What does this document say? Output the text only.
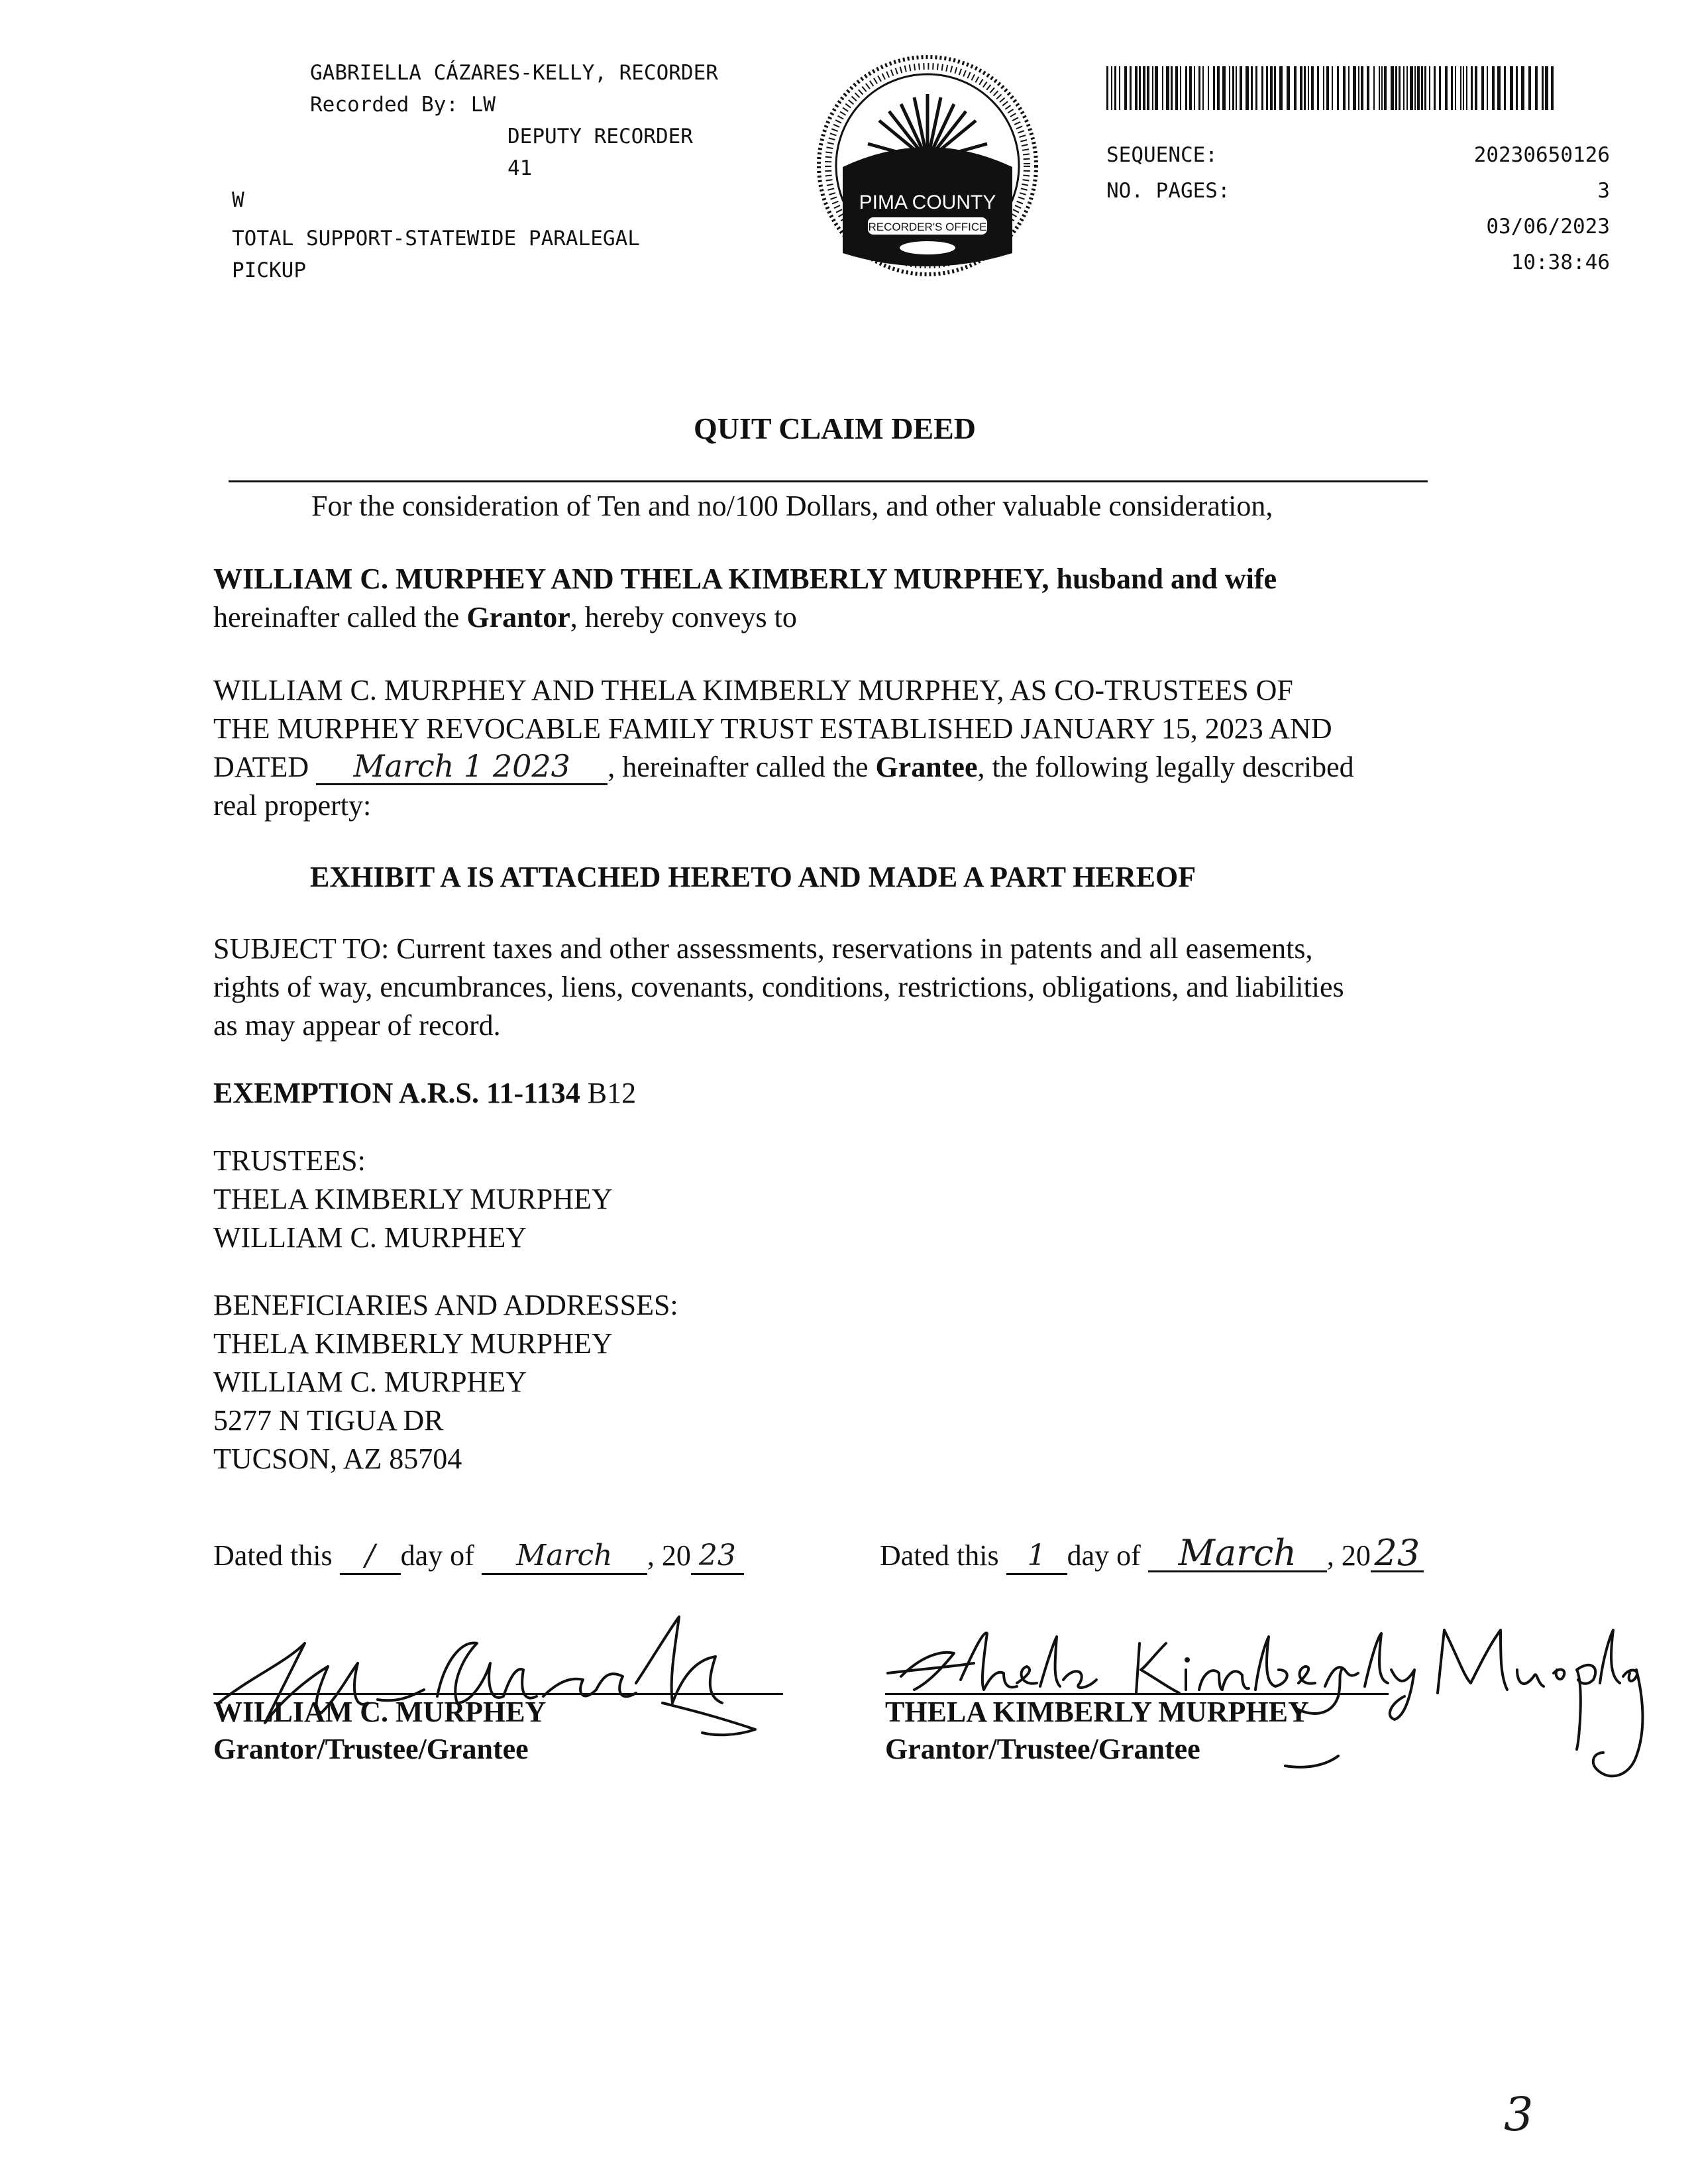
GABRIELLA CÁZARES-KELLY, RECORDER
Recorded By: LW
DEPUTY RECORDER
41
W
TOTAL SUPPORT-STATEWIDE PARALEGAL
PICKUP
PIMA COUNTY
RECORDER'S OFFICE
SEQUENCE:	20230650126
NO. PAGES:	3
03/06/2023
10:38:46
QUIT CLAIM DEED

For the consideration of Ten and no/100 Dollars, and other valuable consideration,

WILLIAM C. MURPHEY AND THELA KIMBERLY MURPHEY, husband and wife

hereinafter called the Grantor, hereby conveys to

WILLIAM C. MURPHEY AND THELA KIMBERLY MURPHEY, AS CO-TRUSTEES OF

THE MURPHEY REVOCABLE FAMILY TRUST ESTABLISHED JANUARY 15, 2023 AND

DATED March 1 2023 , hereinafter called the Grantee, the following legally described

real property:

EXHIBIT A IS ATTACHED HERETO AND MADE A PART HEREOF

SUBJECT TO: Current taxes and other assessments, reservations in patents and all easements,

rights of way, encumbrances, liens, covenants, conditions, restrictions, obligations, and liabilities

as may appear of record.

EXEMPTION A.R.S. 11-1134 B12

TRUSTEES:

THELA KIMBERLY MURPHEY

WILLIAM C. MURPHEY

BENEFICIARIES AND ADDRESSES:

THELA KIMBERLY MURPHEY

WILLIAM C. MURPHEY

5277 N TIGUA DR

TUCSON, AZ 85704

Dated this / day of March , 20 23
WILLIAM C. MURPHEY
Grantor/Trustee/Grantee
Dated this 1 day of March , 20 23
THELA KIMBERLY MURPHEY
Grantor/Trustee/Grantee
3
